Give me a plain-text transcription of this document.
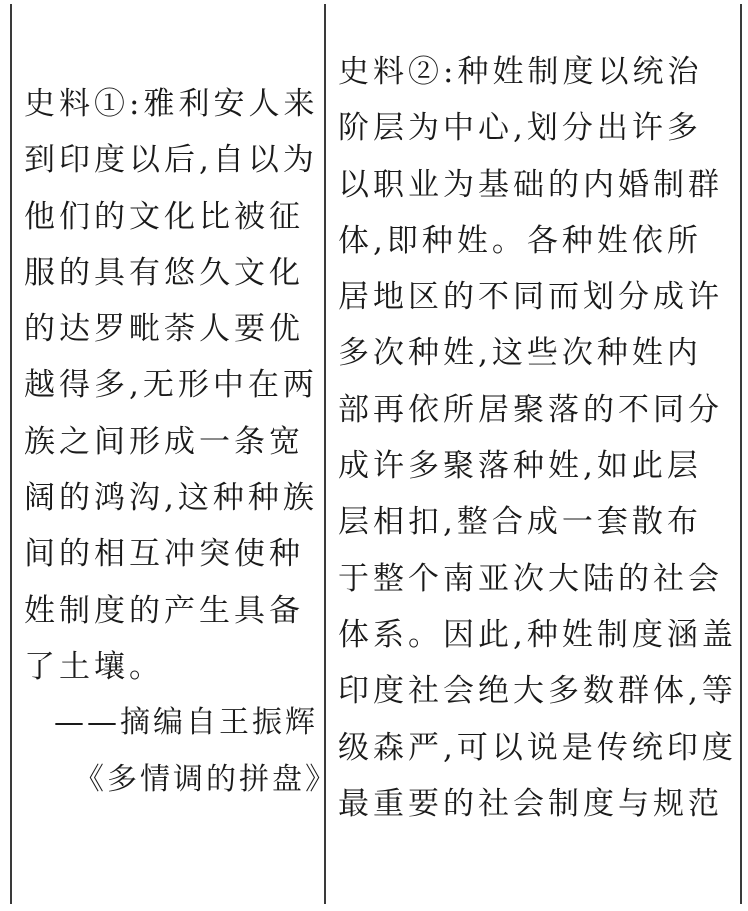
史料①:雅利安人来
到印度以后,自以为
他们的文化比被征
服的具有悠久文化
的达罗毗荼人要优
越得多,无形中在两
族之间形成一条宽
阔的鸿沟,这种种族
间的相互冲突使种
姓制度的产生具备
了土壤。
——摘编自王振辉
《多情调的拼盘》
史料②:种姓制度以统治
阶层为中心,划分出许多
以职业为基础的内婚制群
体,即种姓。各种姓依所
居地区的不同而划分成许
多次种姓,这些次种姓内
部再依所居聚落的不同分
成许多聚落种姓,如此层
层相扣,整合成一套散布
于整个南亚次大陆的社会
体系。因此,种姓制度涵盖
印度社会绝大多数群体,等
级森严,可以说是传统印度
最重要的社会制度与规范
